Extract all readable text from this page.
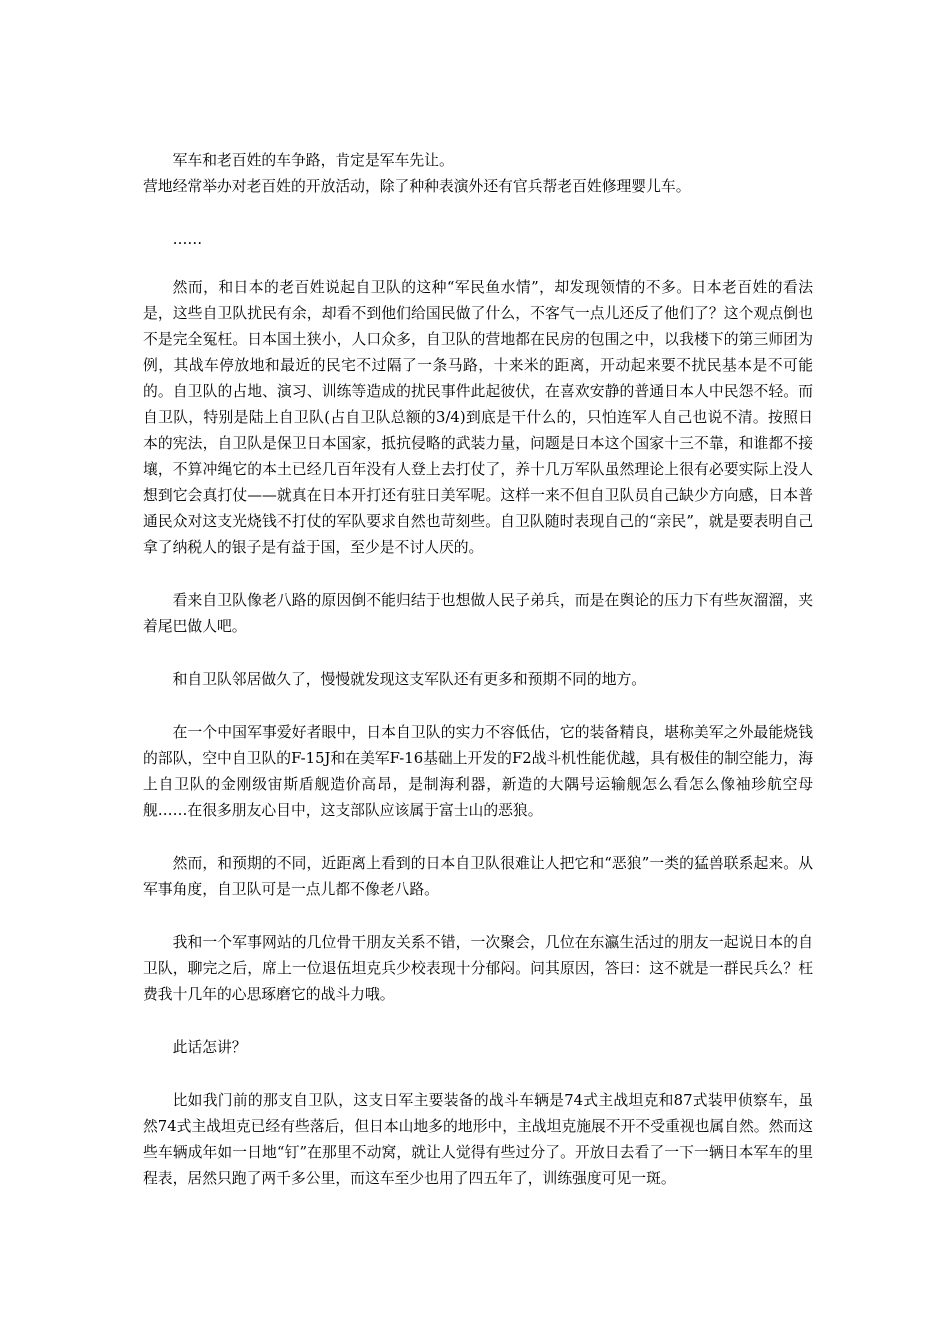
军车和老百姓的车争路，肯定是军车先让。

营地经常举办对老百姓的开放活动，除了种种表演外还有官兵帮老百姓修理婴儿车。

……

然而，和日本的老百姓说起自卫队的这种“军民鱼水情”，却发现领情的不多。日本老百姓的看法是，这些自卫队扰民有余，却看不到他们给国民做了什么，不客气一点儿还反了他们了？这个观点倒也不是完全冤枉。日本国土狭小，人口众多，自卫队的营地都在民房的包围之中，以我楼下的第三师团为例，其战车停放地和最近的民宅不过隔了一条马路，十来米的距离，开动起来要不扰民基本是不可能的。自卫队的占地、演习、训练等造成的扰民事件此起彼伏，在喜欢安静的普通日本人中民怨不轻。而自卫队，特别是陆上自卫队(占自卫队总额的3/4)到底是干什么的，只怕连军人自己也说不清。按照日本的宪法，自卫队是保卫日本国家，抵抗侵略的武装力量，问题是日本这个国家十三不靠，和谁都不接壤，不算冲绳它的本土已经几百年没有人登上去打仗了，养十几万军队虽然理论上很有必要实际上没人想到它会真打仗——就真在日本开打还有驻日美军呢。这样一来不但自卫队员自己缺少方向感，日本普通民众对这支光烧钱不打仗的军队要求自然也苛刻些。自卫队随时表现自己的“亲民”，就是要表明自己拿了纳税人的银子是有益于国，至少是不讨人厌的。

看来自卫队像老八路的原因倒不能归结于也想做人民子弟兵，而是在舆论的压力下有些灰溜溜，夹着尾巴做人吧。

和自卫队邻居做久了，慢慢就发现这支军队还有更多和预期不同的地方。

在一个中国军事爱好者眼中，日本自卫队的实力不容低估，它的装备精良，堪称美军之外最能烧钱的部队，空中自卫队的F-15J和在美军F-16基础上开发的F2战斗机性能优越，具有极佳的制空能力，海上自卫队的金刚级宙斯盾舰造价高昂，是制海利器，新造的大隅号运输舰怎么看怎么像袖珍航空母舰……在很多朋友心目中，这支部队应该属于富士山的恶狼。

然而，和预期的不同，近距离上看到的日本自卫队很难让人把它和“恶狼”一类的猛兽联系起来。从军事角度，自卫队可是一点儿都不像老八路。

我和一个军事网站的几位骨干朋友关系不错，一次聚会，几位在东瀛生活过的朋友一起说日本的自卫队，聊完之后，席上一位退伍坦克兵少校表现十分郁闷。问其原因，答曰：这不就是一群民兵么？枉费我十几年的心思琢磨它的战斗力哦。

此话怎讲？

比如我门前的那支自卫队，这支日军主要装备的战斗车辆是74式主战坦克和87式装甲侦察车，虽然74式主战坦克已经有些落后，但日本山地多的地形中，主战坦克施展不开不受重视也属自然。然而这些车辆成年如一日地“钉”在那里不动窝，就让人觉得有些过分了。开放日去看了一下一辆日本军车的里程表，居然只跑了两千多公里，而这车至少也用了四五年了，训练强度可见一斑。
